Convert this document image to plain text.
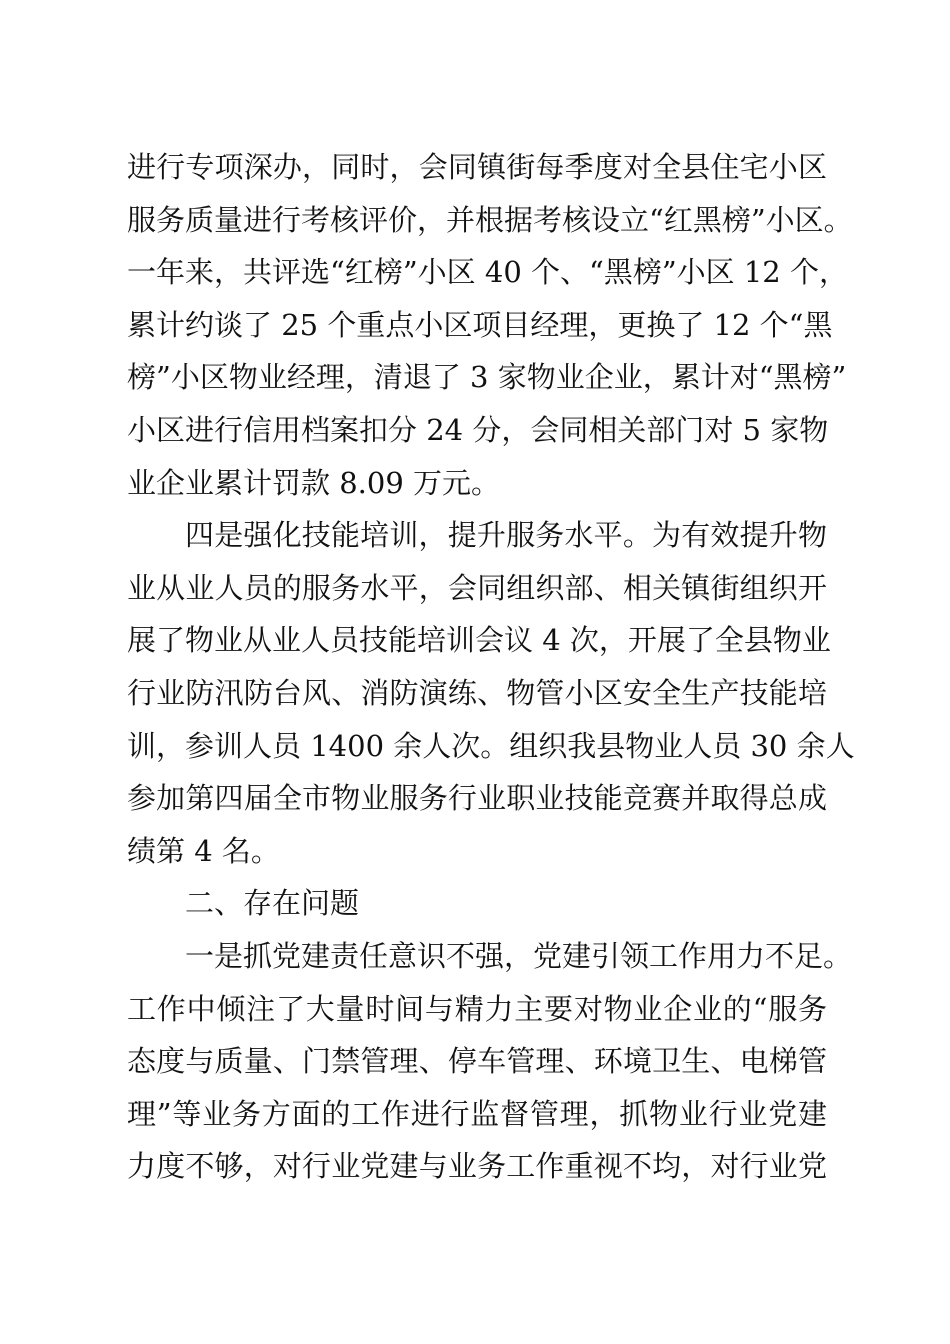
进行专项深办，同时，会同镇街每季度对全县住宅小区
服务质量进行考核评价，并根据考核设立“红黑榜”小区。
一年来，共评选“红榜”小区 40 个、“黑榜”小区 12 个，
累计约谈了 25 个重点小区项目经理，更换了 12 个“黑
榜”小区物业经理，清退了 3 家物业企业，累计对“黑榜”
小区进行信用档案扣分 24 分，会同相关部门对 5 家物
业企业累计罚款 8.09 万元。
四是强化技能培训，提升服务水平。为有效提升物
业从业人员的服务水平，会同组织部、相关镇街组织开
展了物业从业人员技能培训会议 4 次，开展了全县物业
行业防汛防台风、消防演练、物管小区安全生产技能培
训，参训人员 1400 余人次。组织我县物业人员 30 余人
参加第四届全市物业服务行业职业技能竞赛并取得总成
绩第 4 名。
二、存在问题
一是抓党建责任意识不强，党建引领工作用力不足。
工作中倾注了大量时间与精力主要对物业企业的“服务
态度与质量、门禁管理、停车管理、环境卫生、电梯管
理”等业务方面的工作进行监督管理，抓物业行业党建
力度不够，对行业党建与业务工作重视不均，对行业党
